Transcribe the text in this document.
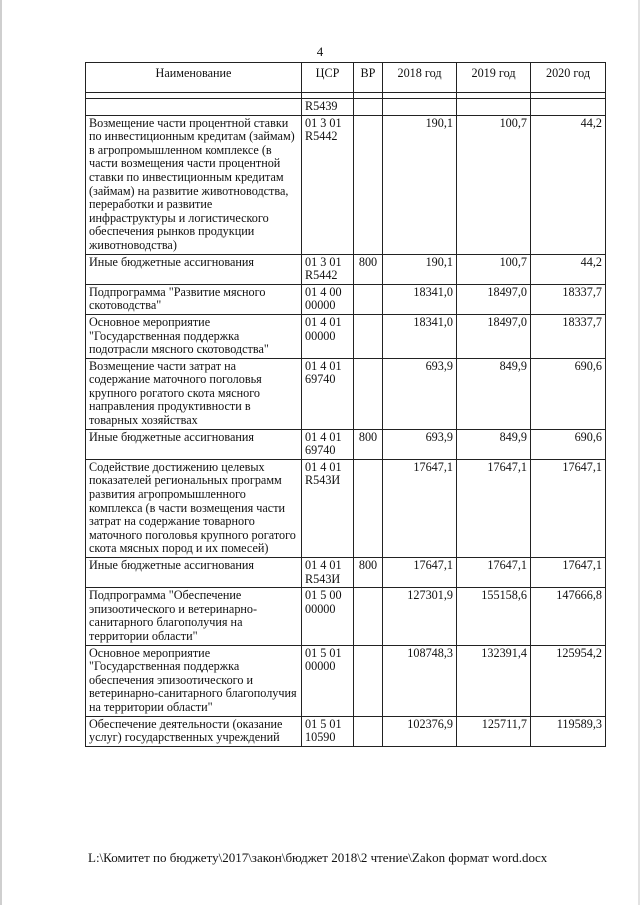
4
Наименование	ЦСР	ВР	2018 год	2019 год	2020 год

	R5439				
Возмещение части процентной ставки по инвестиционным кредитам (займам) в агропромышленном комплексе (в части возмещения части процентной ставки по инвестиционным кредитам (займам) на развитие животноводства, переработки и развитие инфраструктуры и логистического обеспечения рынков продукции животноводства)	01 3 01 R5442		190,1	100,7	44,2
Иные бюджетные ассигнования	01 3 01 R5442	800	190,1	100,7	44,2
Подпрограмма "Развитие мясного скотоводства"	01 4 00 00000		18341,0	18497,0	18337,7
Основное мероприятие "Государственная поддержка подотрасли мясного скотоводства"	01 4 01 00000		18341,0	18497,0	18337,7
Возмещение части затрат на содержание маточного поголовья крупного рогатого скота мясного направления продуктивности в товарных хозяйствах	01 4 01 69740		693,9	849,9	690,6
Иные бюджетные ассигнования	01 4 01 69740	800	693,9	849,9	690,6
Содействие достижению целевых показателей региональных программ развития агропромышленного комплекса (в части возмещения части затрат на содержание товарного маточного поголовья крупного рогатого скота мясных пород и их помесей)	01 4 01 R543И		17647,1	17647,1	17647,1
Иные бюджетные ассигнования	01 4 01 R543И	800	17647,1	17647,1	17647,1
Подпрограмма "Обеспечение эпизоотического и ветеринарно-санитарного благополучия на территории области"	01 5 00 00000		127301,9	155158,6	147666,8
Основное мероприятие "Государственная поддержка обеспечения эпизоотического и ветеринарно-санитарного благополучия на территории области"	01 5 01 00000		108748,3	132391,4	125954,2
Обеспечение деятельности (оказание услуг) государственных учреждений	01 5 01 10590		102376,9	125711,7	119589,3
L:\Комитет по бюджету\2017\закон\бюджет 2018\2 чтение\Zakon формат word.docx
